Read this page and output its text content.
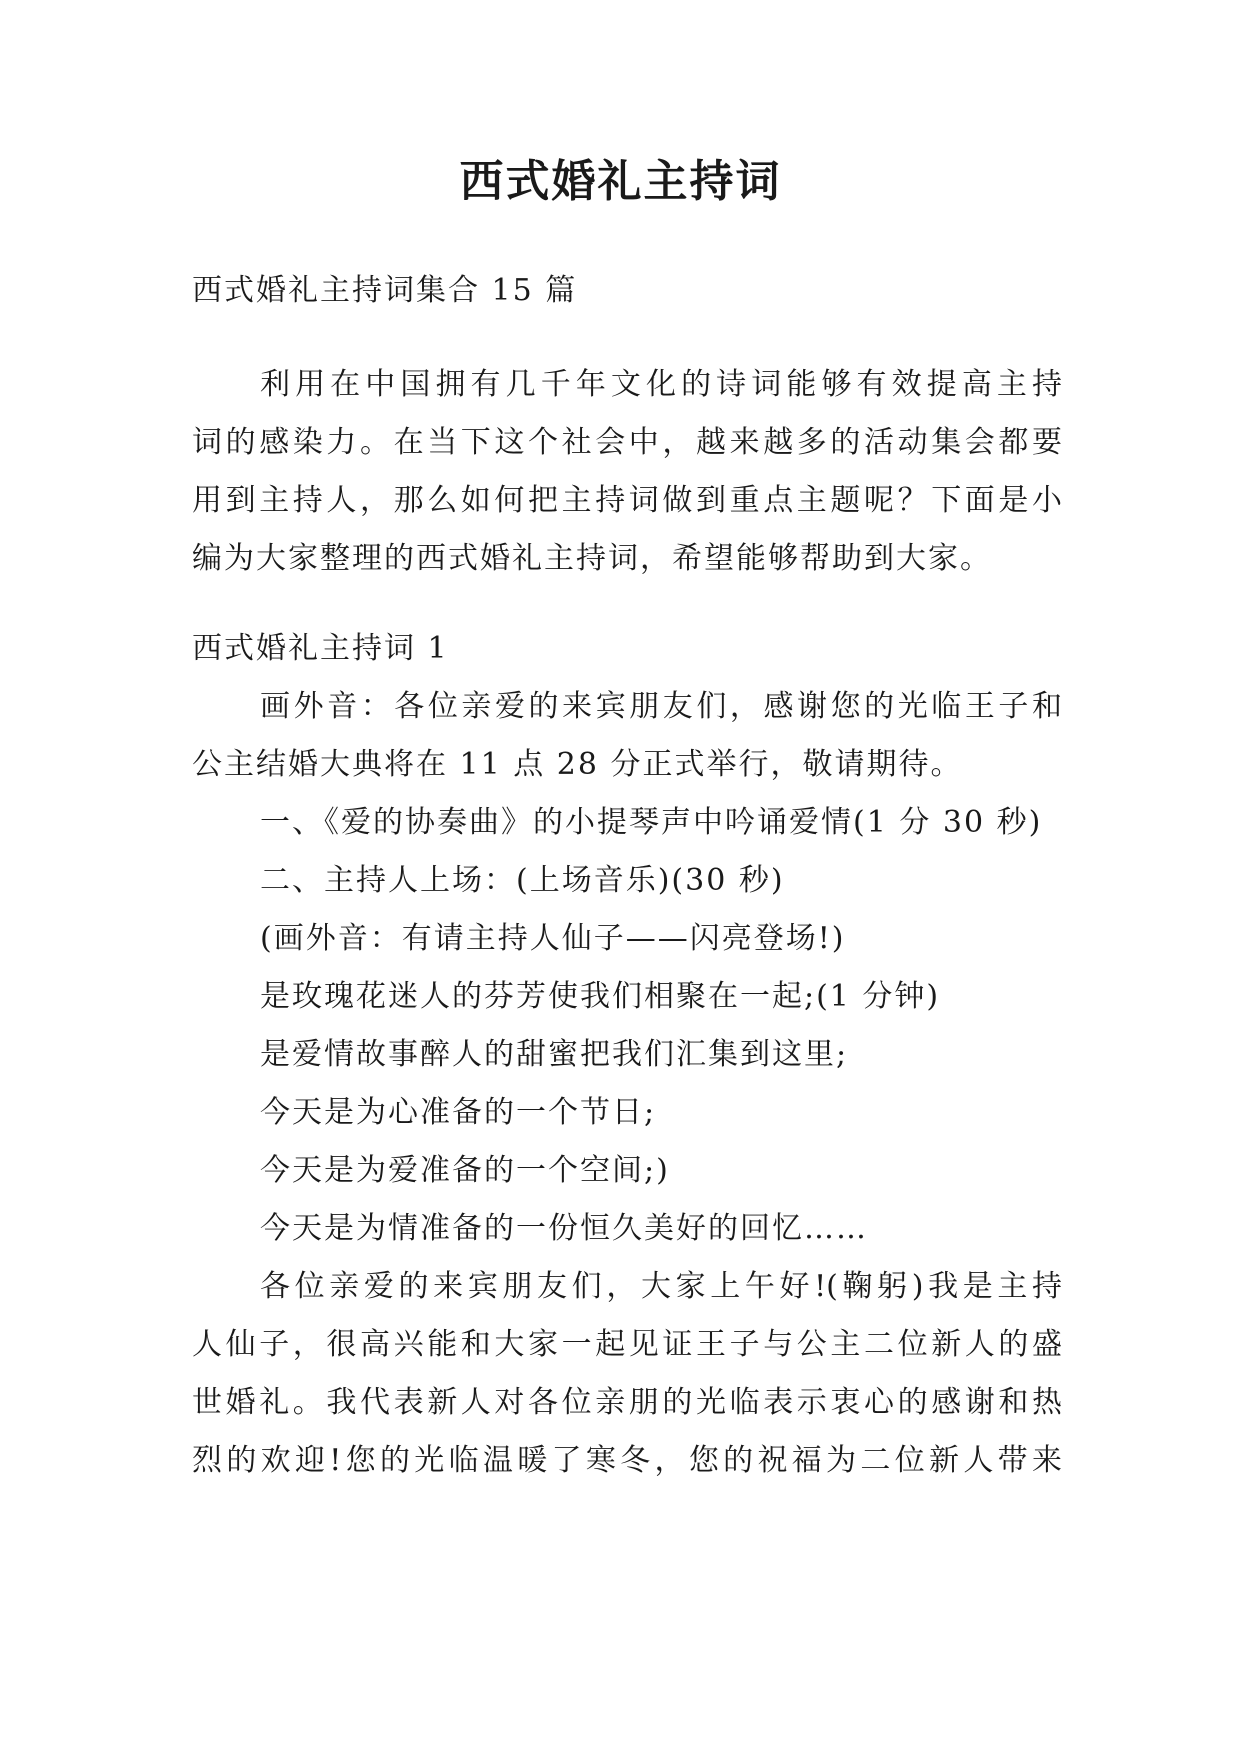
西式婚礼主持词
西式婚礼主持词集合 15 篇
利用在中国拥有几千年文化的诗词能够有效提高主持
词的感染力。在当下这个社会中，越来越多的活动集会都要
用到主持人，那么如何把主持词做到重点主题呢？下面是小
编为大家整理的西式婚礼主持词，希望能够帮助到大家。
西式婚礼主持词 1
画外音：各位亲爱的来宾朋友们，感谢您的光临王子和
公主结婚大典将在 11 点 28 分正式举行，敬请期待。
一、《爱的协奏曲》的小提琴声中吟诵爱情(1 分 30 秒)
二、主持人上场：(上场音乐)(30 秒)
(画外音：有请主持人仙子——闪亮登场!)
是玫瑰花迷人的芬芳使我们相聚在一起;(1 分钟)
是爱情故事醉人的甜蜜把我们汇集到这里;
今天是为心准备的一个节日;
今天是为爱准备的一个空间;)
今天是为情准备的一份恒久美好的回忆……
各位亲爱的来宾朋友们，大家上午好!(鞠躬)我是主持
人仙子，很高兴能和大家一起见证王子与公主二位新人的盛
世婚礼。我代表新人对各位亲朋的光临表示衷心的感谢和热
烈的欢迎!您的光临温暖了寒冬，您的祝福为二位新人带来
